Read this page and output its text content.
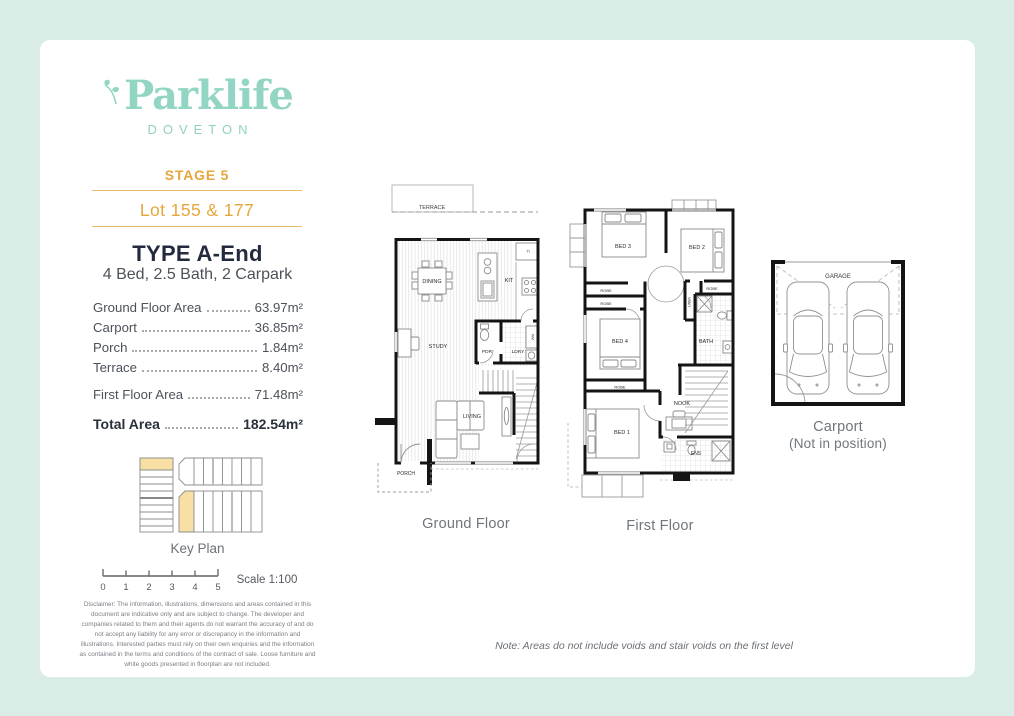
Parklife
DOVETON
STAGE 5
Lot 155 & 177
TYPE A-End
4 Bed, 2.5 Bath, 2 Carpark
Ground Floor Area	63.97m²
Carport	36.85m²
Porch	1.84m²
Terrace	8.40m²
First Floor Area	71.48m²
Total Area	182.54m²
Key Plan
0 1 2 3 4 5
Scale 1:100
Disclaimer: The information, illustrations, dimensions and areas contained in this document are indicative only and are subject to change. The developer and companies related to them and their agents do not warrant the accuracy of and do not accept any liability for any error or discrepancy in the information and illustrations. Interested parties must rely on their own enquiries and the information as contained in the terms and conditions of the contract of sale. Loose furniture and white goods presented in floorplan are not included.
TERRACE
F
WM
DINING	KIT
STUDY
PDR	LDRY
LIVING
PORCH
Ground Floor
BED 3	BED 2
ROBE
ROBE
ROBE
ROBE
LINEN
BATH
BED 4
NOOK
BED 1
ENS
First Floor
GARAGE
Carport
(Not in position)
Note: Areas do not include voids and stair voids on the first level
